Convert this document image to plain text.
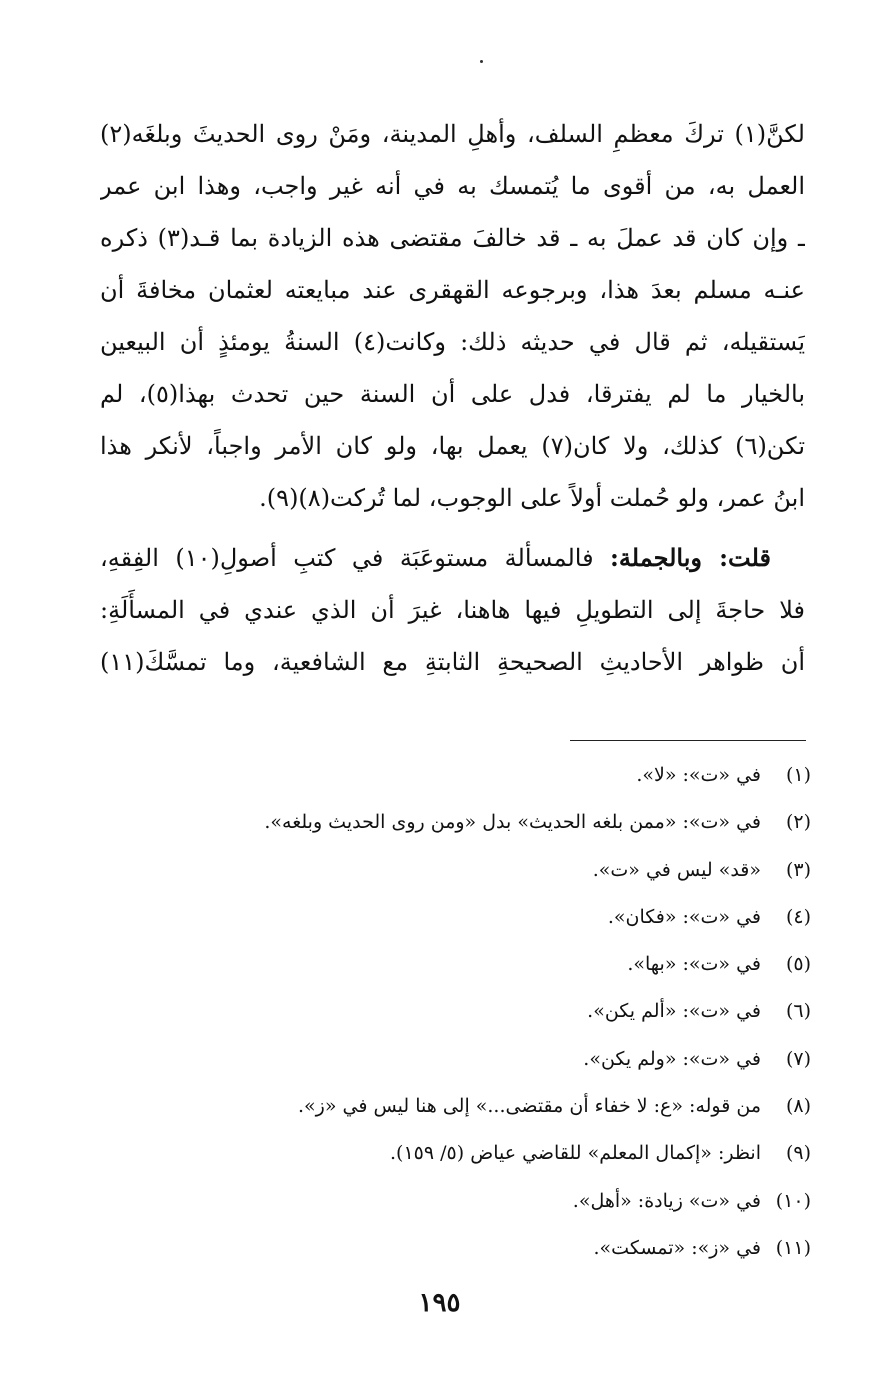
لكنَّ(١) تركَ معظمِ السلف، وأهلِ المدينة، ومَنْ روى الحديثَ وبلغَه(٢)
العمل به، من أقوى ما يُتمسك به في أنه غير واجب، وهذا ابن عمر
ـ وإن كان قد عملَ به ـ قد خالفَ مقتضى هذه الزيادة بما قـد(٣) ذكره
عنـه مسلم بعدَ هذا، وبرجوعه القهقرى عند مبايعته لعثمان مخافةَ أن
يَستقيله، ثم قال في حديثه ذلك: وكانت(٤) السنةُ يومئذٍ أن البيعين
بالخيار ما لم يفترقا، فدل على أن السنة حين تحدث بهذا(٥)، لم
تكن(٦) كذلك، ولا كان(٧) يعمل بها، ولو كان الأمر واجباً، لأنكر هذا
ابنُ عمر، ولو حُملت أولاً على الوجوب، لما تُركت(٨)(٩).
قلت: وبالجملة: فالمسألة مستوعَبَة في كتبِ أصولِ(١٠) الفِقهِ،
فلا حاجةَ إلى التطويلِ فيها هاهنا، غيرَ أن الذي عندي في المسأَلَةِ:
أن ظواهر الأحاديثِ الصحيحةِ الثابتةِ مع الشافعية، وما تمسَّكَ(١١)
(١)
في «ت»: «لا».
(٢)
في «ت»: «ممن بلغه الحديث» بدل «ومن روى الحديث وبلغه».
(٣)
«قد» ليس في «ت».
(٤)
في «ت»: «فكان».
(٥)
في «ت»: «بها».
(٦)
في «ت»: «ألم يكن».
(٧)
في «ت»: «ولم يكن».
(٨)
من قوله: «ع: لا خفاء أن مقتضى...» إلى هنا ليس في «ز».
(٩)
انظر: «إكمال المعلم» للقاضي عياض (٥/ ١٥٩).
(١٠)
في «ت» زيادة: «أهل».
(١١)
في «ز»: «تمسكت».
١٩٥
